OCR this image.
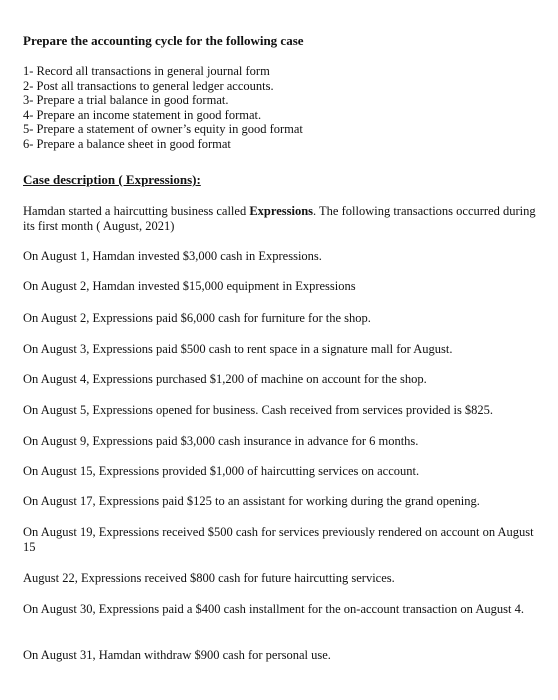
Prepare the accounting cycle for the following case
1- Record all transactions in general journal form
2- Post all transactions to general ledger accounts.
3- Prepare a trial balance in good format.
4- Prepare an income statement in good format.
5- Prepare a statement of owner’s equity in good format
6- Prepare a balance sheet in good format
Case description ( Expressions):
Hamdan started a haircutting business called Expressions. The following transactions occurred during its first month ( August, 2021)
On August 1, Hamdan invested $3,000 cash in Expressions.
On August 2, Hamdan invested $15,000 equipment in Expressions
On August 2, Expressions paid $6,000 cash for furniture for the shop.
On August 3, Expressions paid $500 cash to rent space in a signature mall for August.
On August 4, Expressions purchased $1,200 of machine on account for the shop.
On August 5, Expressions opened for business. Cash received from services provided is $825.
On August 9, Expressions paid $3,000 cash insurance in advance for 6 months.
On August 15, Expressions provided $1,000 of haircutting services on account.
On August 17, Expressions paid $125 to an assistant for working during the grand opening.
On August 19, Expressions received $500 cash for services previously rendered on account on August 15
August 22, Expressions received $800 cash for future haircutting services.
On August 30, Expressions paid a $400 cash installment for the on-account transaction on August 4.
On August 31, Hamdan withdraw $900 cash for personal use.
